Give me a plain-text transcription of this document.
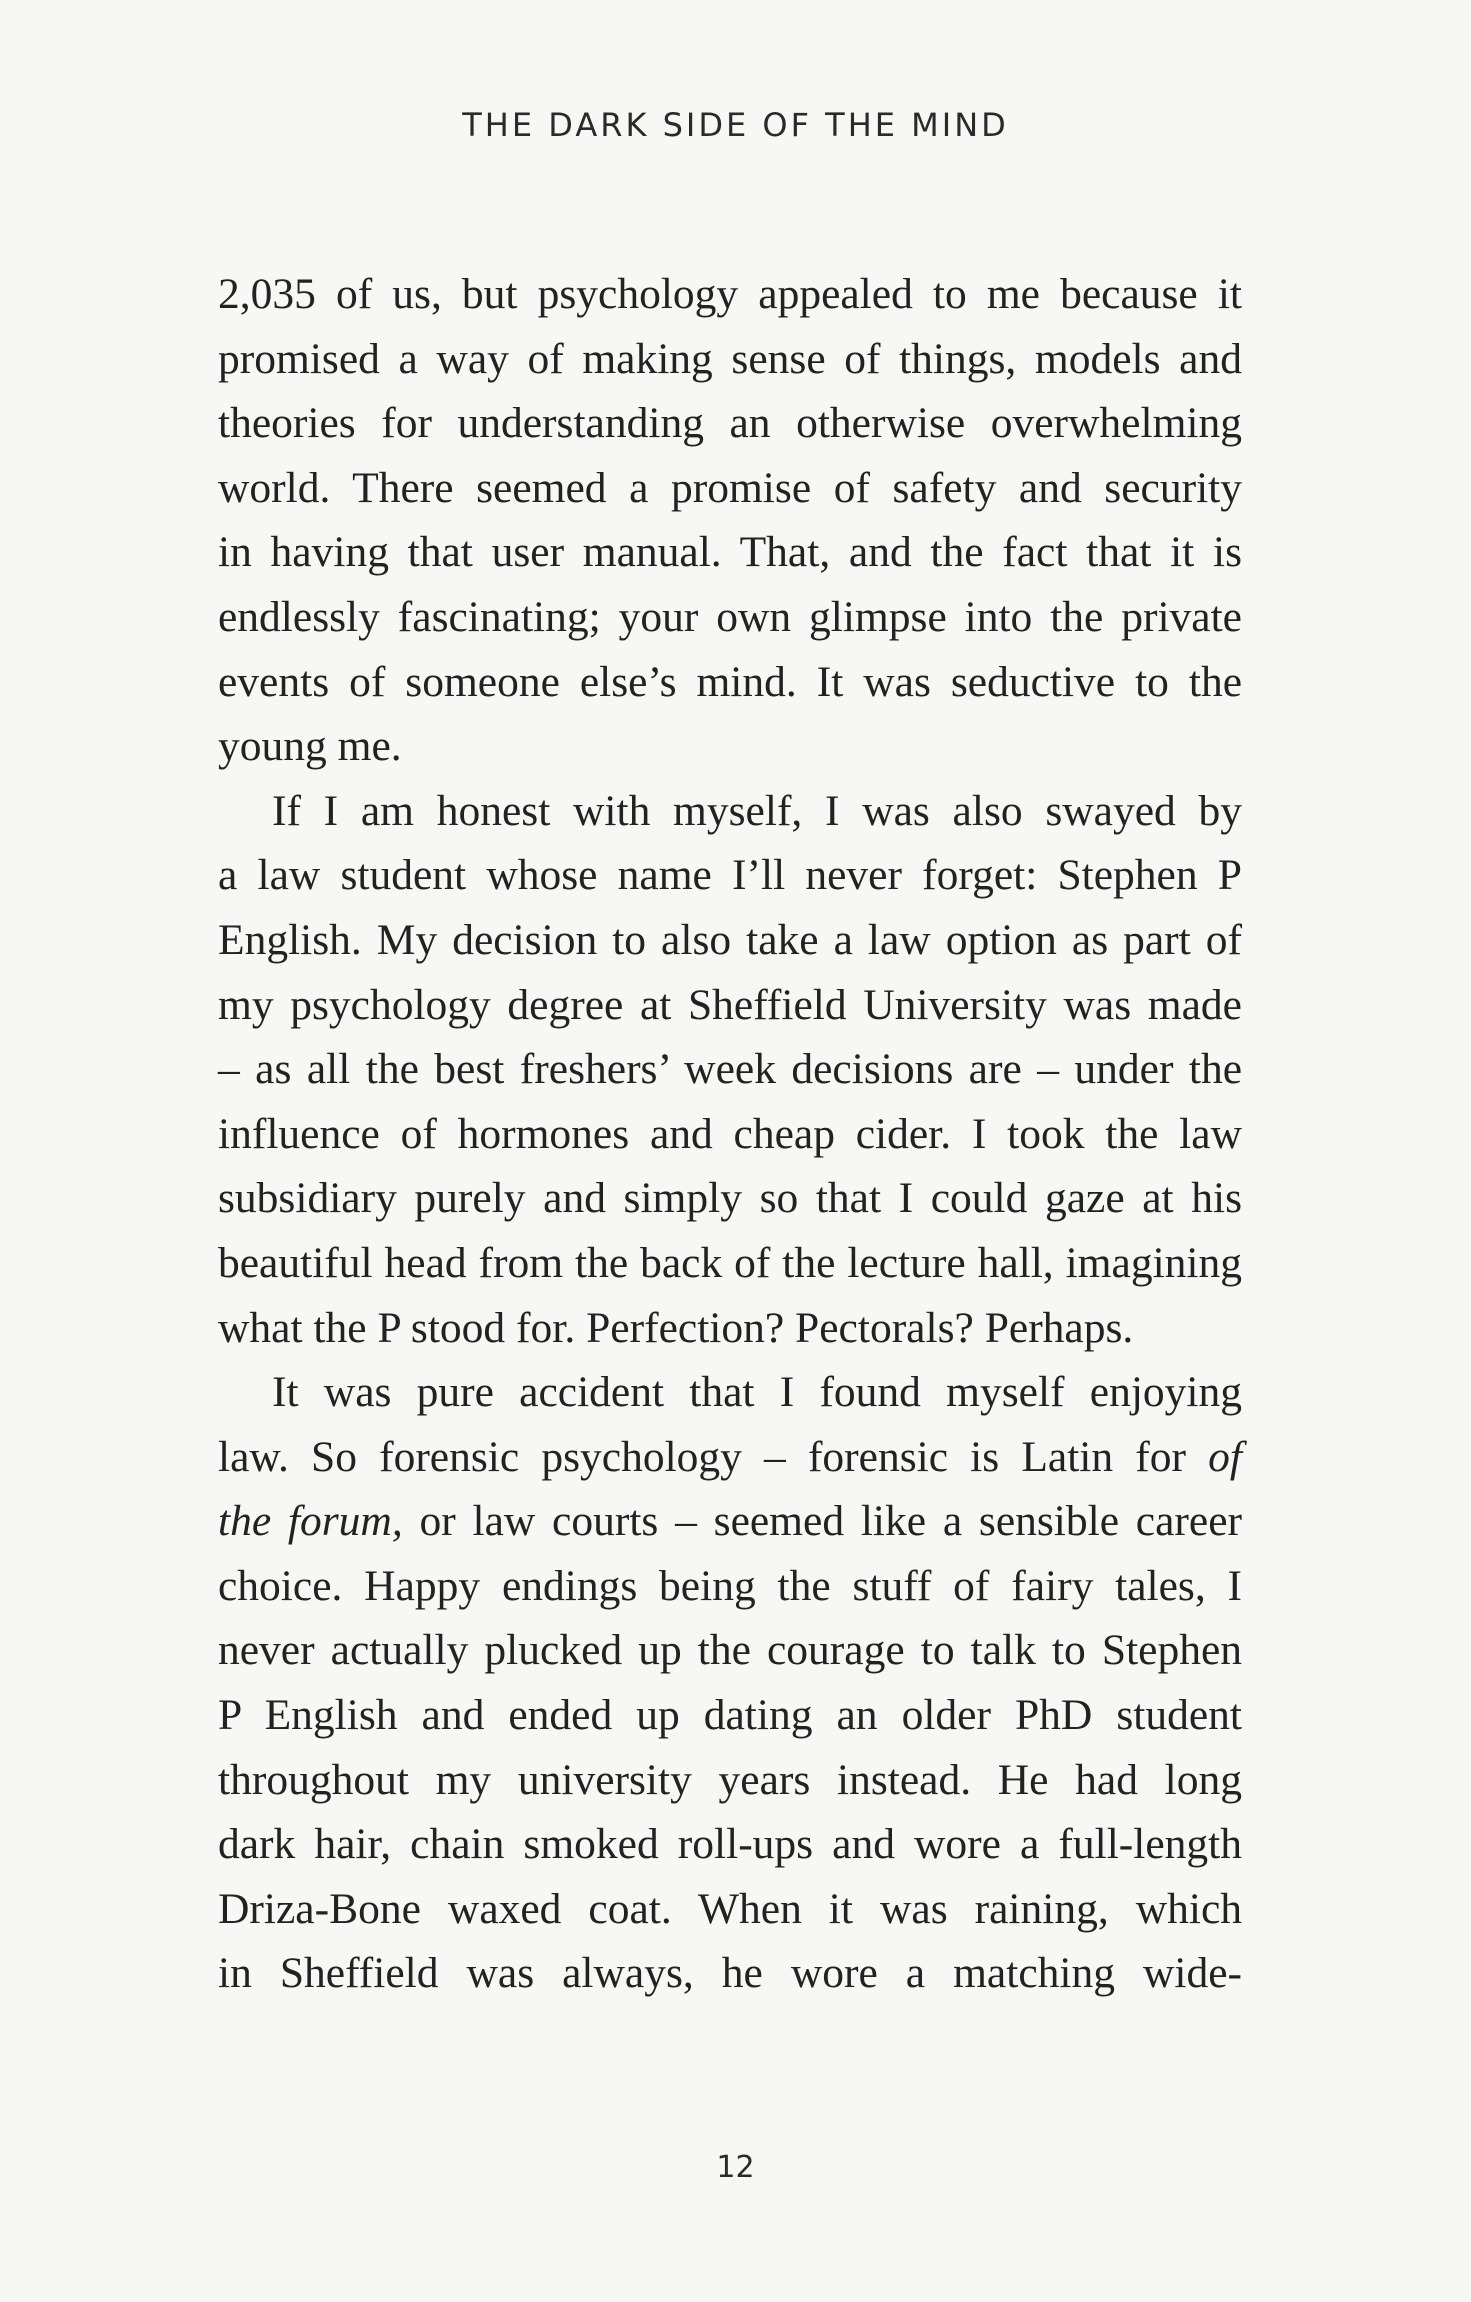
THE DARK SIDE OF THE MIND
2,035 of us, but psychology appealed to me because it
promised a way of making sense of things, models and
theories for understanding an otherwise overwhelming
world. There seemed a promise of safety and security
in having that user manual. That, and the fact that it is
endlessly fascinating; your own glimpse into the private
events of someone else’s mind. It was seductive to the
young me.
If I am honest with myself, I was also swayed by
a law student whose name I’ll never forget: Stephen P
English. My decision to also take a law option as part of
my psychology degree at Sheffield University was made
– as all the best freshers’ week decisions are – under the
influence of hormones and cheap cider. I took the law
subsidiary purely and simply so that I could gaze at his
beautiful head from the back of the lecture hall, imagining
what the P stood for. Perfection? Pectorals? Perhaps.
It was pure accident that I found myself enjoying
law. So forensic psychology – forensic is Latin for of
the forum, or law courts – seemed like a sensible career
choice. Happy endings being the stuff of fairy tales, I
never actually plucked up the courage to talk to Stephen
P English and ended up dating an older PhD student
throughout my university years instead. He had long
dark hair, chain smoked roll-ups and wore a full-length
Driza-Bone waxed coat. When it was raining, which
in Sheffield was always, he wore a matching wide-
12
